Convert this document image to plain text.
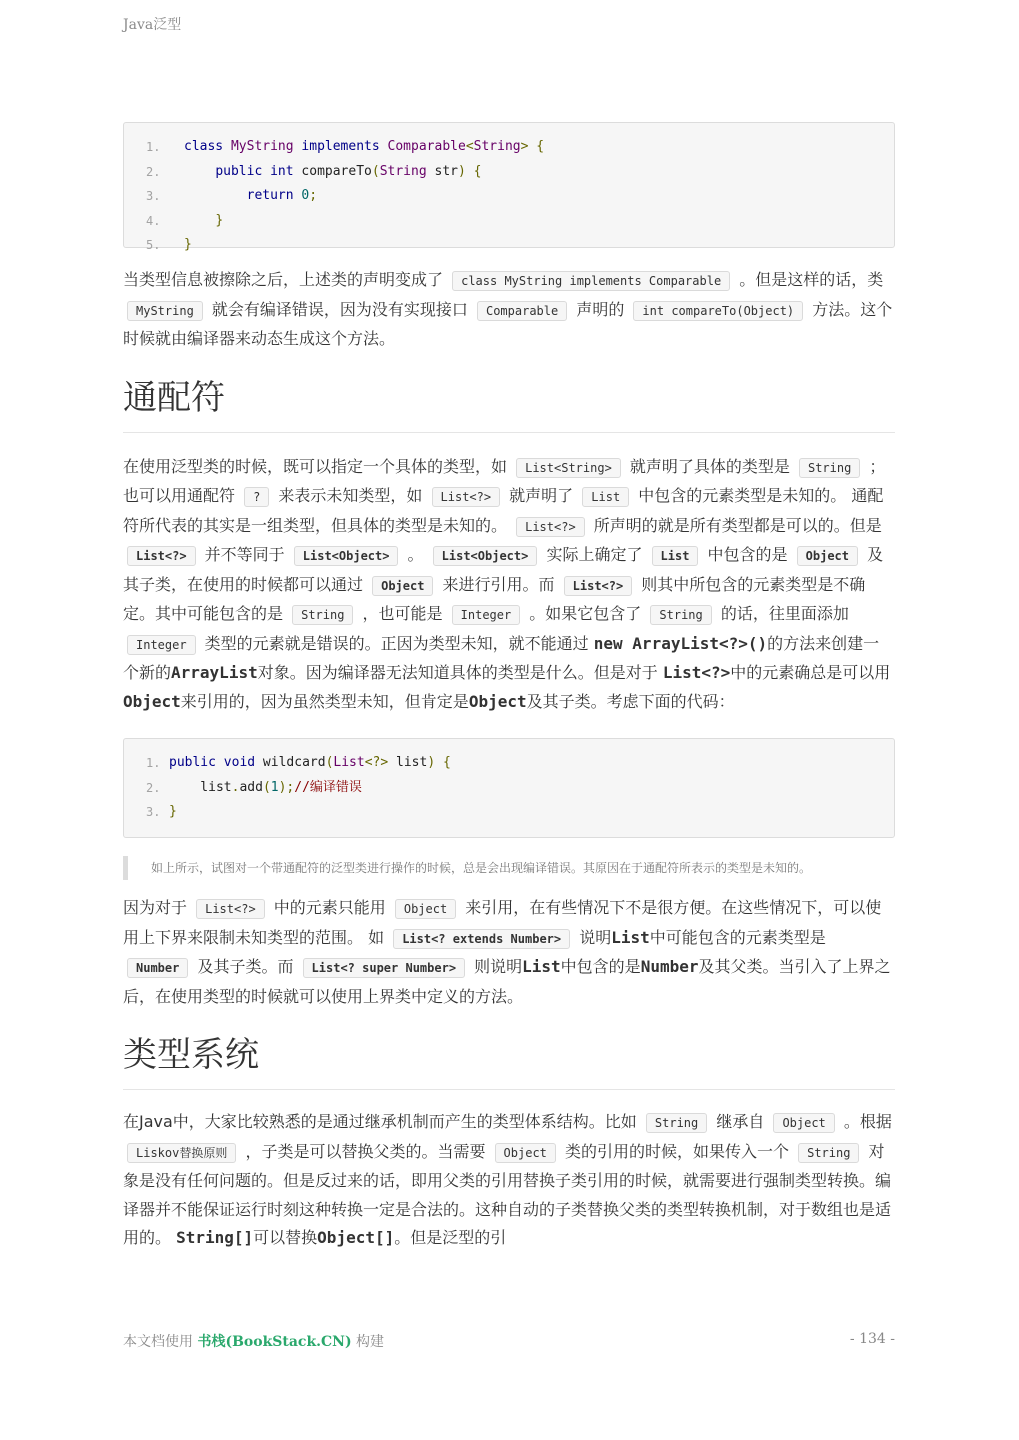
Java泛型
1.	class MyString implements Comparable<String> {
2.	public int compareTo(String str) {
3.	return 0;
4.	}
5.	}

当类型信息被擦除之后，上述类的声明变成了 class MyString implements Comparable 。但是这样的话，类 MyString 就会有编译错误，因为没有实现接口 Comparable 声明的 int compareTo(Object) 方法。这个时候就由编译器来动态生成这个方法。

通配符

在使用泛型类的时候，既可以指定一个具体的类型，如 List<String> 就声明了具体的类型是 String ；也可以用通配符 ? 来表示未知类型，如 List<?> 就声明了 List 中包含的元素类型是未知的。 通配符所代表的其实是一组类型，但具体的类型是未知的。 List<?> 所声明的就是所有类型都是可以的。但是 List<?> 并不等同于 List<Object> 。 List<Object> 实际上确定了 List 中包含的是 Object 及其子类，在使用的时候都可以通过 Object 来进行引用。而 List<?> 则其中所包含的元素类型是不确定。其中可能包含的是 String ，也可能是 Integer 。如果它包含了 String 的话，往里面添加 Integer 类型的元素就是错误的。正因为类型未知，就不能通过 new ArrayList<?>()的方法来创建一个新的ArrayList对象。因为编译器无法知道具体的类型是什么。但是对于 List<?>中的元素确总是可以用Object来引用的，因为虽然类型未知，但肯定是Object及其子类。考虑下面的代码：

1. public void wildcard(List<?> list) {
2. list.add(1);//编译错误
3. }
如上所示，试图对一个带通配符的泛型类进行操作的时候，总是会出现编译错误。其原因在于通配符所表示的类型是未知的。

因为对于 List<?> 中的元素只能用 Object 来引用，在有些情况下不是很方便。在这些情况下，可以使用上下界来限制未知类型的范围。 如 List<? extends Number> 说明List中可能包含的元素类型是 Number 及其子类。而 List<? super Number> 则说明List中包含的是Number及其父类。当引入了上界之后，在使用类型的时候就可以使用上界类中定义的方法。

类型系统

在Java中，大家比较熟悉的是通过继承机制而产生的类型体系结构。比如 String 继承自 Object 。根据 Liskov替换原则 ，子类是可以替换父类的。当需要 Object 类的引用的时候，如果传入一个 String 对象是没有任何问题的。但是反过来的话，即用父类的引用替换子类引用的时候，就需要进行强制类型转换。编译器并不能保证运行时刻这种转换一定是合法的。这种自动的子类替换父类的类型转换机制，对于数组也是适用的。 String[]可以替换Object[]。但是泛型的引

本文档使用 书栈(BookStack.CN) 构建	- 134 -
